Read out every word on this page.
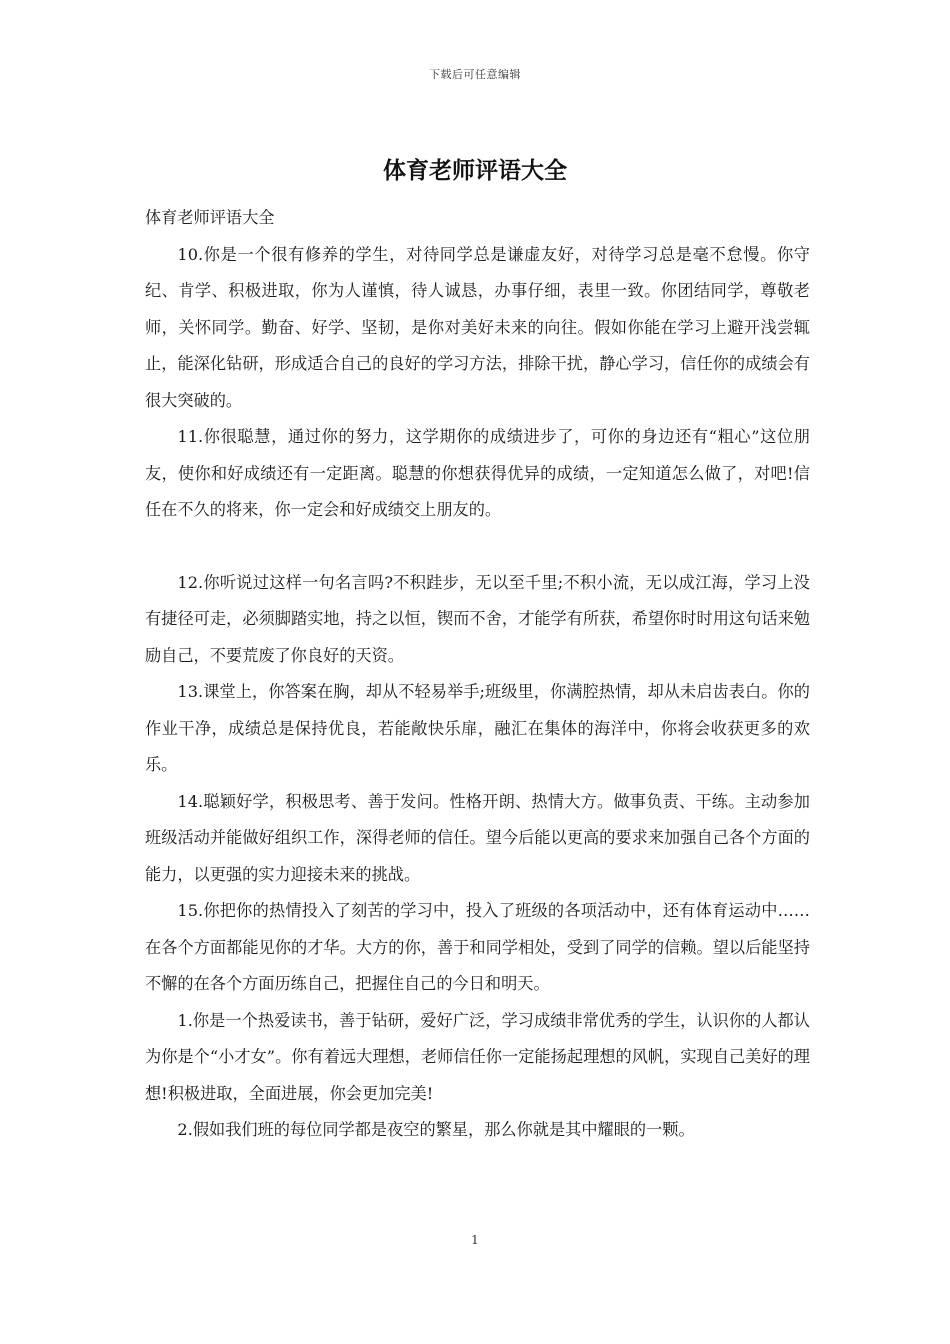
下载后可任意编辑
体育老师评语大全

体育老师评语大全

10.你是一个很有修养的学生，对待同学总是谦虚友好，对待学习总是毫不怠慢。你守纪、肯学、积极进取，你为人谨慎，待人诚恳，办事仔细，表里一致。你团结同学，尊敬老师，关怀同学。勤奋、好学、坚韧，是你对美好未来的向往。假如你能在学习上避开浅尝辄止，能深化钻研，形成适合自己的良好的学习方法，排除干扰，静心学习，信任你的成绩会有很大突破的。

11.你很聪慧，通过你的努力，这学期你的成绩进步了，可你的身边还有“粗心”这位朋友，使你和好成绩还有一定距离。聪慧的你想获得优异的成绩，一定知道怎么做了，对吧!信任在不久的将来，你一定会和好成绩交上朋友的。

12.你听说过这样一句名言吗?不积跬步，无以至千里;不积小流，无以成江海，学习上没有捷径可走，必须脚踏实地，持之以恒，锲而不舍，才能学有所获，希望你时时用这句话来勉励自己，不要荒废了你良好的天资。

13.课堂上，你答案在胸，却从不轻易举手;班级里，你满腔热情，却从未启齿表白。你的作业干净，成绩总是保持优良，若能敞快乐扉，融汇在集体的海洋中，你将会收获更多的欢乐。

14.聪颖好学，积极思考、善于发问。性格开朗、热情大方。做事负责、干练。主动参加班级活动并能做好组织工作，深得老师的信任。望今后能以更高的要求来加强自己各个方面的能力，以更强的实力迎接未来的挑战。

15.你把你的热情投入了刻苦的学习中，投入了班级的各项活动中，还有体育运动中……在各个方面都能见你的才华。大方的你，善于和同学相处，受到了同学的信赖。望以后能坚持不懈的在各个方面历练自己，把握住自己的今日和明天。

1.你是一个热爱读书，善于钻研，爱好广泛，学习成绩非常优秀的学生，认识你的人都认为你是个“小才女”。你有着远大理想，老师信任你一定能扬起理想的风帆，实现自己美好的理想!积极进取，全面进展，你会更加完美!

2.假如我们班的每位同学都是夜空的繁星，那么你就是其中耀眼的一颗。

1
